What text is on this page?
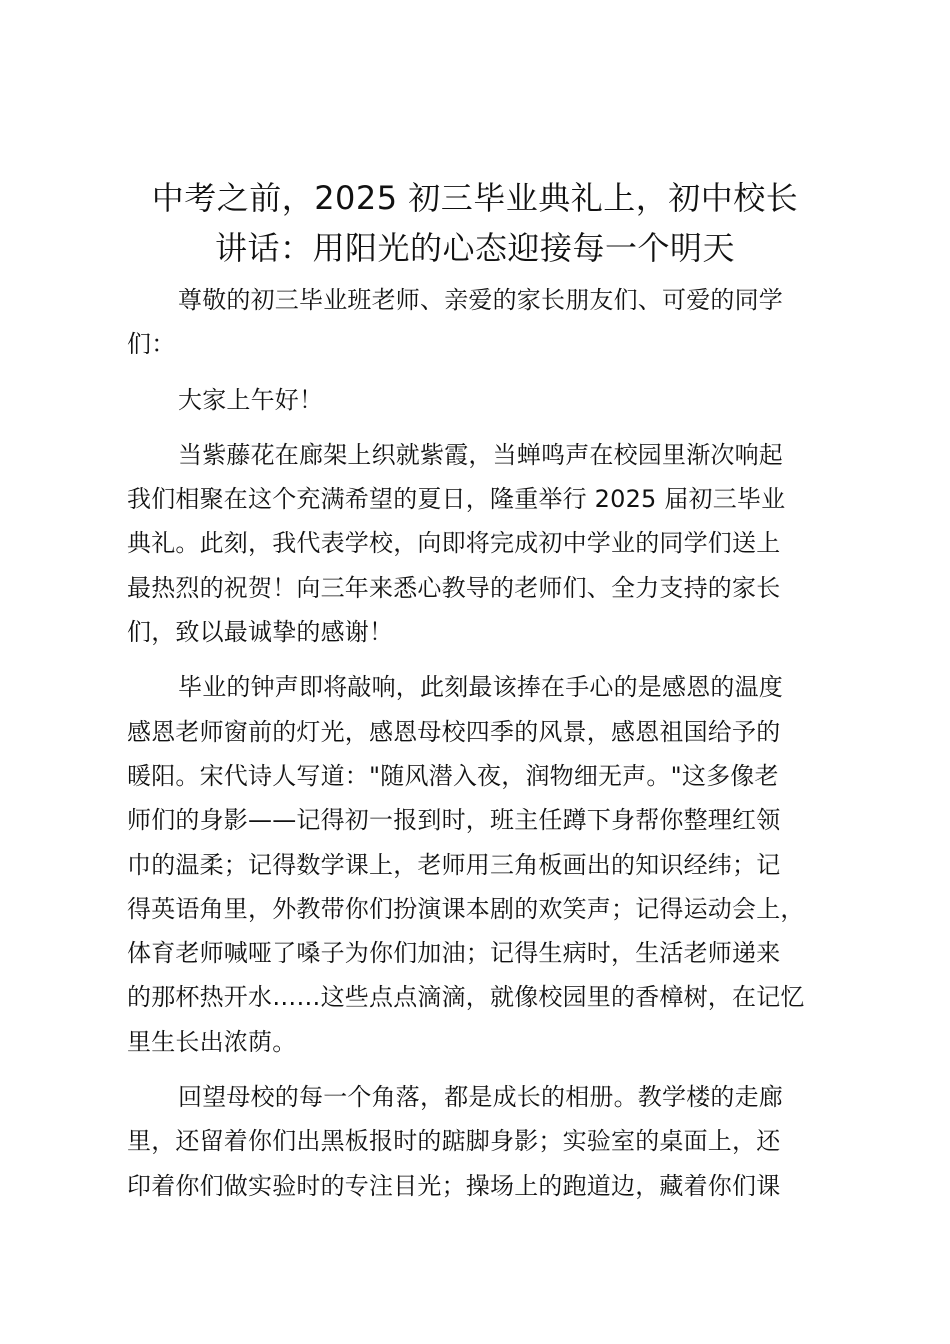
中考之前，2025 初三毕业典礼上，初中校长
讲话：用阳光的心态迎接每一个明天
尊敬的初三毕业班老师、亲爱的家长朋友们、可爱的同学
们：
大家上午好！
当紫藤花在廊架上织就紫霞，当蝉鸣声在校园里渐次响起
我们相聚在这个充满希望的夏日，隆重举行 2025 届初三毕业
典礼。此刻，我代表学校，向即将完成初中学业的同学们送上
最热烈的祝贺！向三年来悉心教导的老师们、全力支持的家长
们，致以最诚挚的感谢！
毕业的钟声即将敲响，此刻最该捧在手心的是感恩的温度
感恩老师窗前的灯光，感恩母校四季的风景，感恩祖国给予的
暖阳。宋代诗人写道："随风潜入夜，润物细无声。"这多像老
师们的身影——记得初一报到时，班主任蹲下身帮你整理红领
巾的温柔；记得数学课上，老师用三角板画出的知识经纬；记
得英语角里，外教带你们扮演课本剧的欢笑声；记得运动会上，
体育老师喊哑了嗓子为你们加油；记得生病时，生活老师递来
的那杯热开水……这些点点滴滴，就像校园里的香樟树，在记忆
里生长出浓荫。
回望母校的每一个角落，都是成长的相册。教学楼的走廊
里，还留着你们出黑板报时的踮脚身影；实验室的桌面上，还
印着你们做实验时的专注目光；操场上的跑道边，藏着你们课
